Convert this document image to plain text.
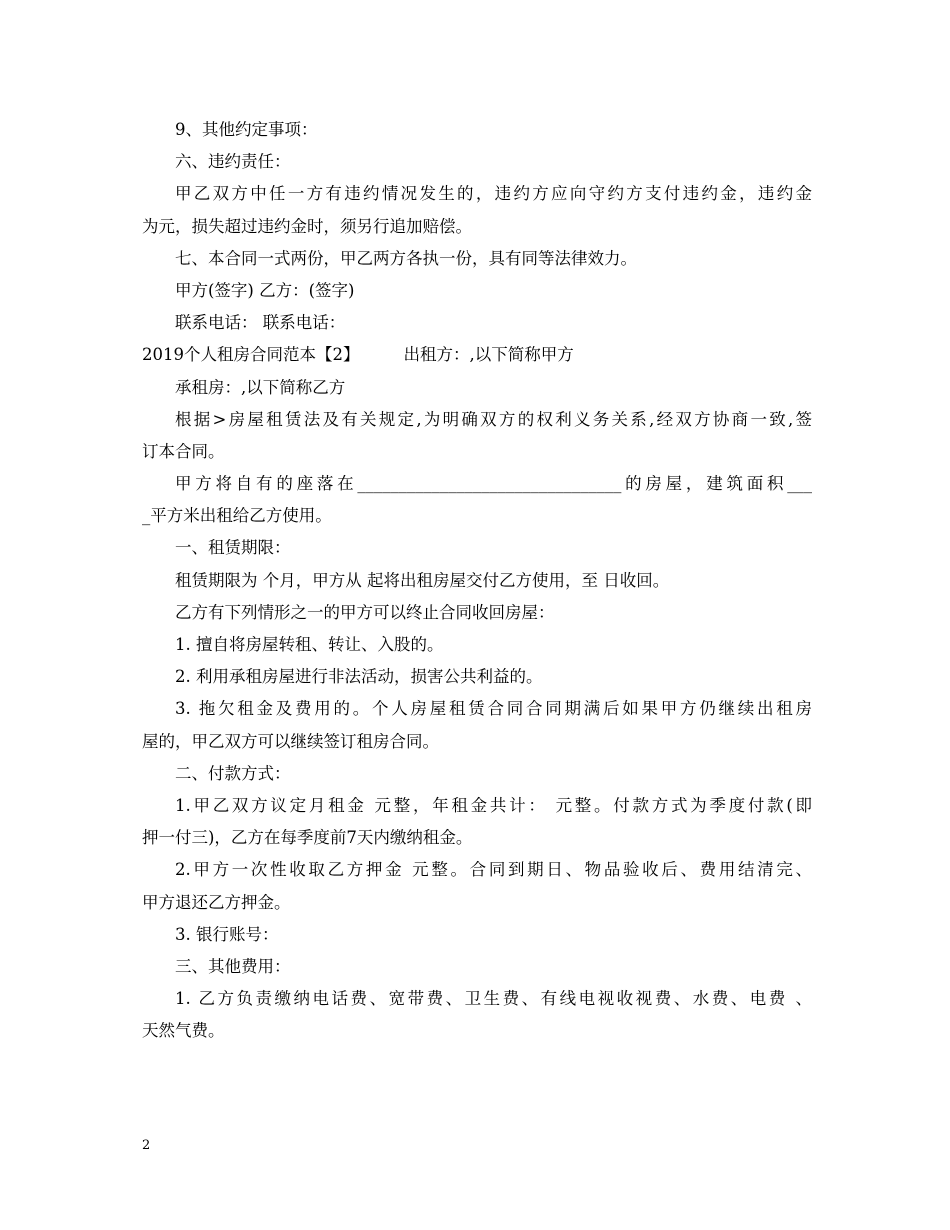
9、其他约定事项：
六、违约责任：
甲乙双方中任一方有违约情况发生的，违约方应向守约方支付违约金，违约金
为元，损失超过违约金时，须另行追加赔偿。
七、本合同一式两份，甲乙两方各执一份，具有同等法律效力。
甲方(签字) 乙方：(签字)
联系电话： 联系电话：
2019个人租房合同范本【2】	出租方：,以下简称甲方
承租房：,以下简称乙方
根据>房屋租赁法及有关规定,为明确双方的权利义务关系,经双方协商一致,签
订本合同。
甲方将自有的座落在________________________________的房屋，建筑面积___
_平方米出租给乙方使用。
一、租赁期限：
租赁期限为 个月，甲方从 起将出租房屋交付乙方使用，至 日收回。
乙方有下列情形之一的甲方可以终止合同收回房屋：
1. 擅自将房屋转租、转让、入股的。
2. 利用承租房屋进行非法活动，损害公共利益的。
3. 拖欠租金及费用的。个人房屋租赁合同合同期满后如果甲方仍继续出租房
屋的，甲乙双方可以继续签订租房合同。
二、付款方式：
1.甲乙双方议定月租金 元整，年租金共计： 元整。付款方式为季度付款(即
押一付三)，乙方在每季度前7天内缴纳租金。
2.甲方一次性收取乙方押金 元整。合同到期日、物品验收后、费用结清完、
甲方退还乙方押金。
3. 银行账号：
三、其他费用：
1. 乙方负责缴纳电话费、宽带费、卫生费、有线电视收视费、水费、电费 、
天然气费。
2
